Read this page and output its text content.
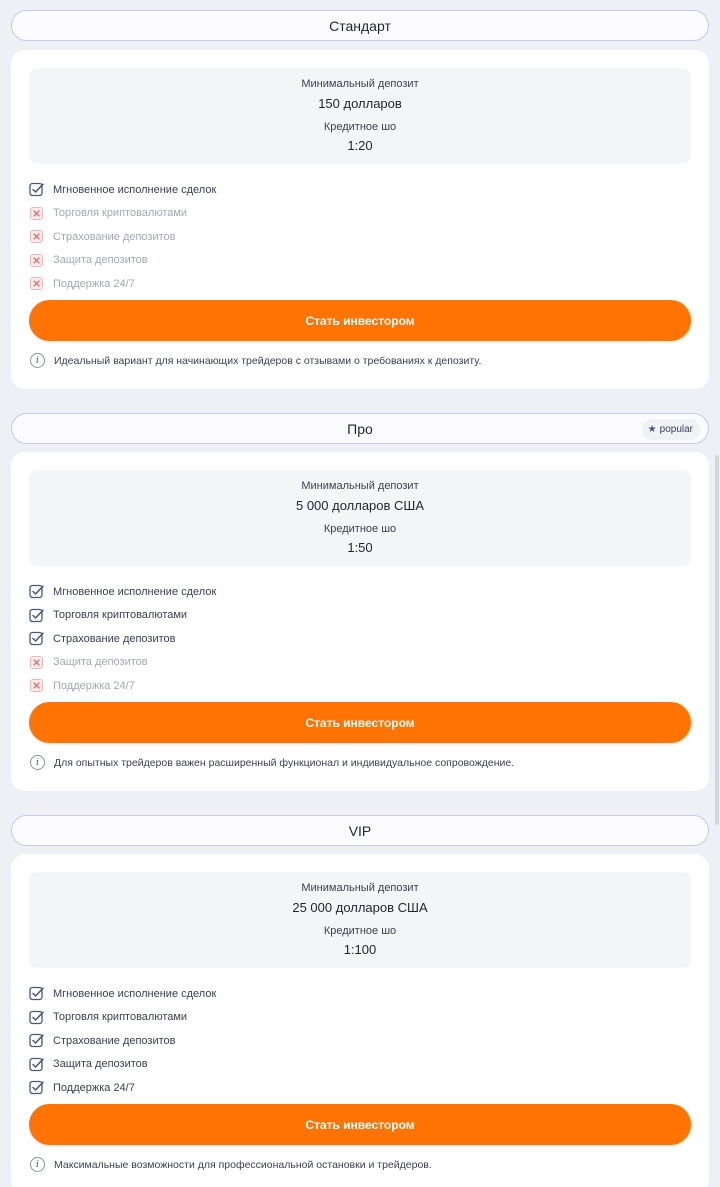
Стандарт
Минимальный депозит
150 долларов
Кредитное шо
1:20
Мгновенное исполнение сделок
Торговля криптовалютами
Страхование депозитов
Защита депозитов
Поддержка 24/7
Стать инвестором
i	Идеальный вариант для начинающих трейдеров с отзывами о требованиях к депозиту.
Про	★ popular
Минимальный депозит
5 000 долларов США
Кредитное шо
1:50
Мгновенное исполнение сделок
Торговля криптовалютами
Страхование депозитов
Защита депозитов
Поддержка 24/7
Стать инвестором
i	Для опытных трейдеров важен расширенный функционал и индивидуальное сопровождение.
VIP
Минимальный депозит
25 000 долларов США
Кредитное шо
1:100
Мгновенное исполнение сделок
Торговля криптовалютами
Страхование депозитов
Защита депозитов
Поддержка 24/7
Стать инвестором
i	Максимальные возможности для профессиональной остановки и трейдеров.
